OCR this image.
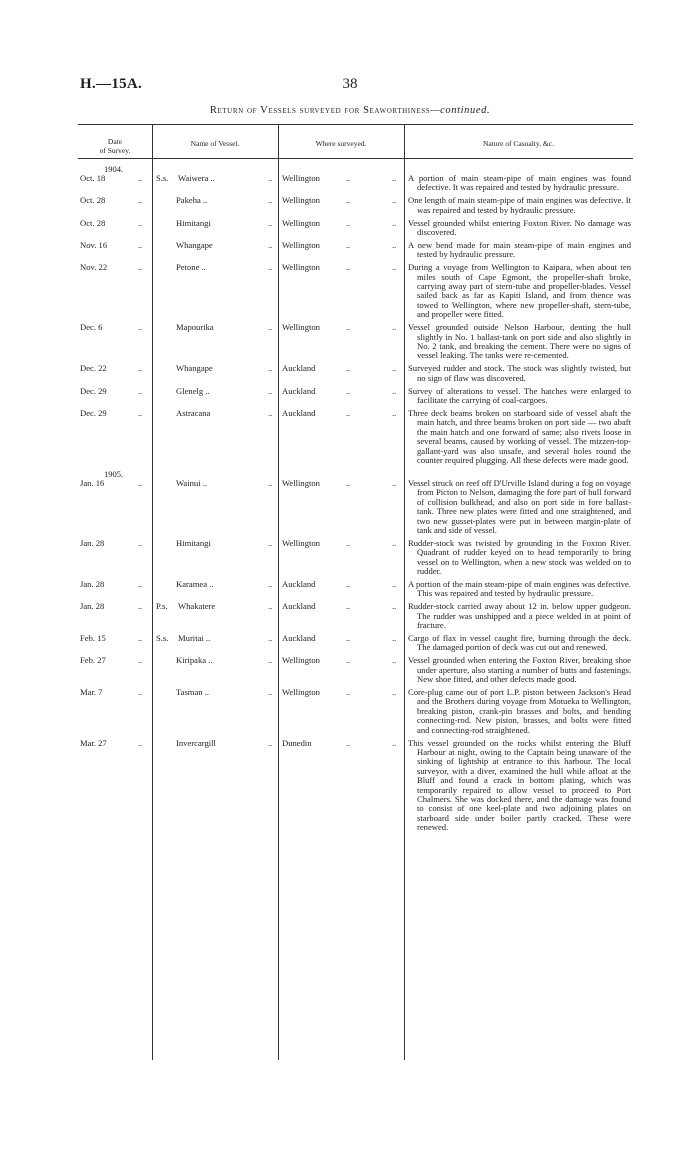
H.—15A.	38
Return of Vessels surveyed for Seaworthiness—continued.
Date
of Survey.
Name of Vessel.	Where surveyed.	Nature of Casualty, &c.
1904.
Oct. 18	.. S.s. Waiwera ..	.. Wellington	..	.. A portion of main steam-pipe of main engines was found defective. It was repaired and tested by hydraulic pressure.
Oct. 28	..	Pakeha ..	.. Wellington	..	.. One length of main steam-pipe of main engines was defective. It was repaired and tested by hydraulic pressure.
Oct. 28	..	Himitangi	.. Wellington	..	.. Vessel grounded whilst entering Foxton River. No damage was discovered.
Nov. 16	..	Whangape	.. Wellington	..	.. A new bend made for main steam-pipe of main engines and tested by hydraulic pressure.
Nov. 22	..	Petone ..	.. Wellington	..	.. During a voyage from Wellington to Kaipara, when about ten miles south of Cape Egmont, the propeller-shaft broke, carrying away part of stern-tube and propeller-blades. Vessel sailed back as far as Kapiti Island, and from thence was towed to Wellington, where new propeller-shaft, stern-tube, and propeller were fitted.
Dec. 6	..	Mapourika	.. Wellington	..	.. Vessel grounded outside Nelson Harbour, denting the hull slightly in No. 1 ballast-tank on port side and also slightly in No. 2 tank, and breaking the cement. There were no signs of vessel leaking. The tanks were re-cemented.
Dec. 22	..	Whangape	.. Auckland	..	.. Surveyed rudder and stock. The stock was slightly twisted, but no sign of flaw was discovered.
Dec. 29	..	Glenelg ..	.. Auckland	..	.. Survey of alterations to vessel. The hatches were enlarged to facilitate the carrying of coal-cargoes.
Dec. 29	..	Astracana	.. Auckland	..	.. Three deck beams broken on starboard side of vessel abaft the main hatch, and three beams broken on port side — two abaft the main hatch and one forward of same; also rivets loose in several beams, caused by working of vessel. The mizzen-top-gallant-yard was also unsafe, and several holes round the counter required plugging. All these defects were made good.
1905.
Jan. 16	..	Wainui ..	.. Wellington	..	.. Vessel struck on reef off D'Urville Island during a fog on voyage from Picton to Nelson, damaging the fore part of hull forward of collision bulkhead, and also on port side in fore ballast-tank. Three new plates were fitted and one straightened, and two new gusset-plates were put in between margin-plate of tank and side of vessel.
Jan. 28	..	Himitangi	.. Wellington	..	.. Rudder-stock was twisted by grounding in the Foxton River. Quadrant of rudder keyed on to head temporarily to bring vessel on to Wellington, when a new stock was welded on to rudder.
Jan. 28	..	Karamea ..	.. Auckland	..	.. A portion of the main steam-pipe of main engines was defective. This was repaired and tested by hydraulic pressure.
Jan. 28	.. P.s. Whakatere	.. Auckland	..	.. Rudder-stock carried away about 12 in. below upper gudgeon. The rudder was unshipped and a piece welded in at point of fracture.
Feb. 15	.. S.s. Muritai ..	.. Auckland	..	.. Cargo of flax in vessel caught fire, burning through the deck. The damaged portion of deck was cut out and renewed.
Feb. 27	..	Kiripaka ..	.. Wellington	..	.. Vessel grounded when entering the Foxton River, breaking shoe under aperture, also starting a number of butts and fastenings. New shoe fitted, and other defects made good.
Mar. 7	..	Tasman ..	.. Wellington	..	.. Core-plug came out of port L.P. piston between Jackson's Head and the Brothers during voyage from Motueka to Wellington, breaking piston, crank-pin brasses and bolts, and bending connecting-rod. New piston, brasses, and bolts were fitted and connecting-rod straightened.
Mar. 27	..	Invercargill	.. Dunedin	..	.. This vessel grounded on the rocks whilst entering the Bluff Harbour at night, owing to the Captain being unaware of the sinking of lightship at entrance to this harbour. The local surveyor, with a diver, examined the hull while afloat at the Bluff and found a crack in bottom plating, which was temporarily repaired to allow vessel to proceed to Port Chalmers. She was docked there, and the damage was found to consist of one keel-plate and two adjoining plates on starboard side under boiler partly cracked. These were renewed.
